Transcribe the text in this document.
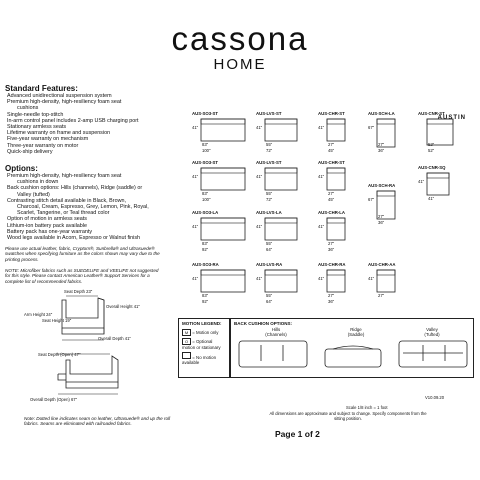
cassona
HOME
AUSTIN

Standard Features:

Advanced unidirectional suspension system
Premium high-density, high-resiliency foam seat
cushions
Single-needle top-stitch
In-arm control panel includes 2-amp USB charging port
Stationary armless seats
Lifetime warranty on frame and suspension
Five-year warranty on mechanism
Three-year warranty on motor
Quick-ship delivery

Options:

Premium high-density, high-resiliency foam seat
cushions in down
Back cushion options: Hills (channels), Ridge (saddle) or
Valley (tufted)
Contrasting stitch detail available in Black, Brown,
Charcoal, Cream, Espresso, Grey, Lemon, Pink, Royal,
Scarlet, Tangerine, or Teal thread color
Option of motion in armless seats
Lithium-ion battery pack available
Battery pack has one-year warranty
Wood legs available in Acorn, Espresso or Walnut finish
Please use actual leather, fabric, Cryptom®, Sunbrella® and Ultrasuede® swatches when specifying furniture as the colors shown may vary due to the printing process.
NOTE: Microfiber fabrics such as SUEDELIFE and VEELIFE not suggested for this style. Please contact American Leather® Support Services for a complete list of recommended fabrics.
Seat Depth 23"
Overall Height 41"
Arm Height 24"
Seat Height 19"
Overall Depth 41"
Seat Depth (Open) 47"
Overall Depth (Open) 67"
Note: Dotted line indicates seam on leather, Ultrasuede® and up the roll fabrics. Seams are eliminated with railroaded fabrics.
AUS-SO3-ST
41"
83"
100"
AUS-LVS-ST
41"
55"
72"
AUS-CHR-ST
41"
27"
45"
AUS-SCH-LA
67"
27"
36"
AUS-CNR-ST
52"
52"
AUS-SO3-ST
41"
83"
100"
AUS-LVS-ST
41"
55"
72"
AUS-CHR-ST
41"
27"
45"
AUS-CNR-SQ
41"
41"
AUS-SCH-RA
67"
27"
36"
AUS-SO3-LA
41"
83"
92"
AUS-LVS-LA
41"
55"
64"
AUS-CHR-LA
41"
27"
36"
AUS-SO3-RA
41"
83"
92"
AUS-LVS-RA
41"
55"
64"
AUS-CHR-RA
41"
27"
36"
AUS-CHR-AA
41"
27"
MOTION LEGEND:
M = Motion only
O = Optional motion or stationary
= No motion available
BACK CUSHION OPTIONS:
Hills
(Channels)
Ridge
(Saddle)
Valley
(Tufted)
V10.09.20
Scale 1/8 inch = 1 foot
All dimensions are approximate and subject to change. Specify components from the sitting position.
Page 1 of 2
